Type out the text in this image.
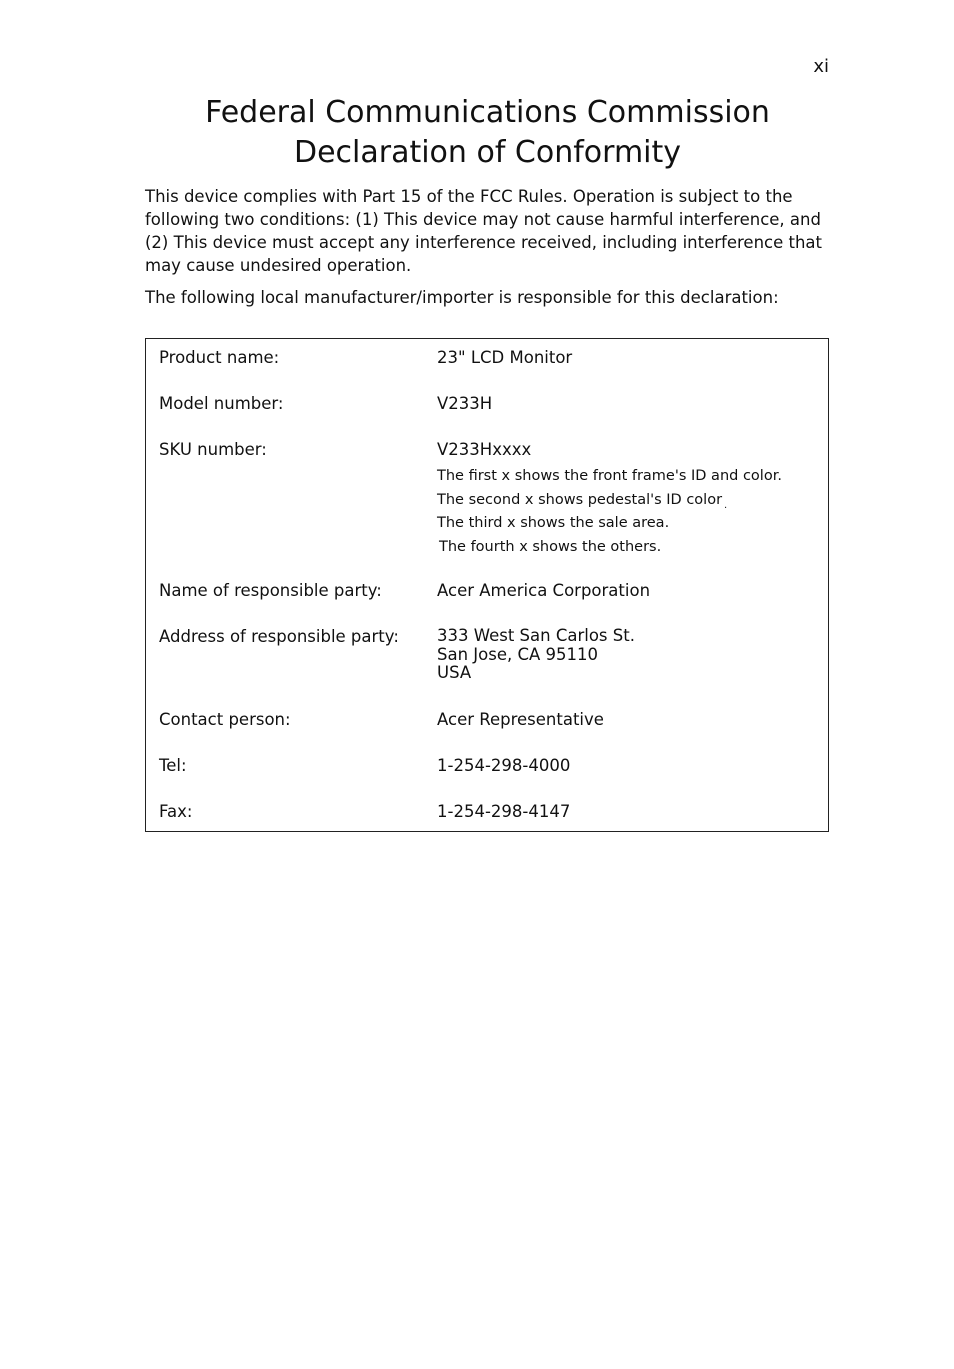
xi
Federal Communications Commission
Declaration of Conformity

This device complies with Part 15 of the FCC Rules. Operation is subject to the following two conditions: (1) This device may not cause harmful interference, and (2) This device must accept any interference received, including interference that may cause undesired operation.

The following local manufacturer/importer is responsible for this declaration:

Product name:	23" LCD Monitor
Model number:	V233H
SKU number:	V233Hxxxx
The first x shows the front frame's ID and color.
The second x shows pedestal's ID color .
The third x shows the sale area.
The fourth x shows the others.
Name of responsible party:	Acer America Corporation
Address of responsible party: 333 West San Carlos St.
San Jose, CA 95110
USA
Contact person:	Acer Representative
Tel:	1-254-298-4000
Fax:	1-254-298-4147
